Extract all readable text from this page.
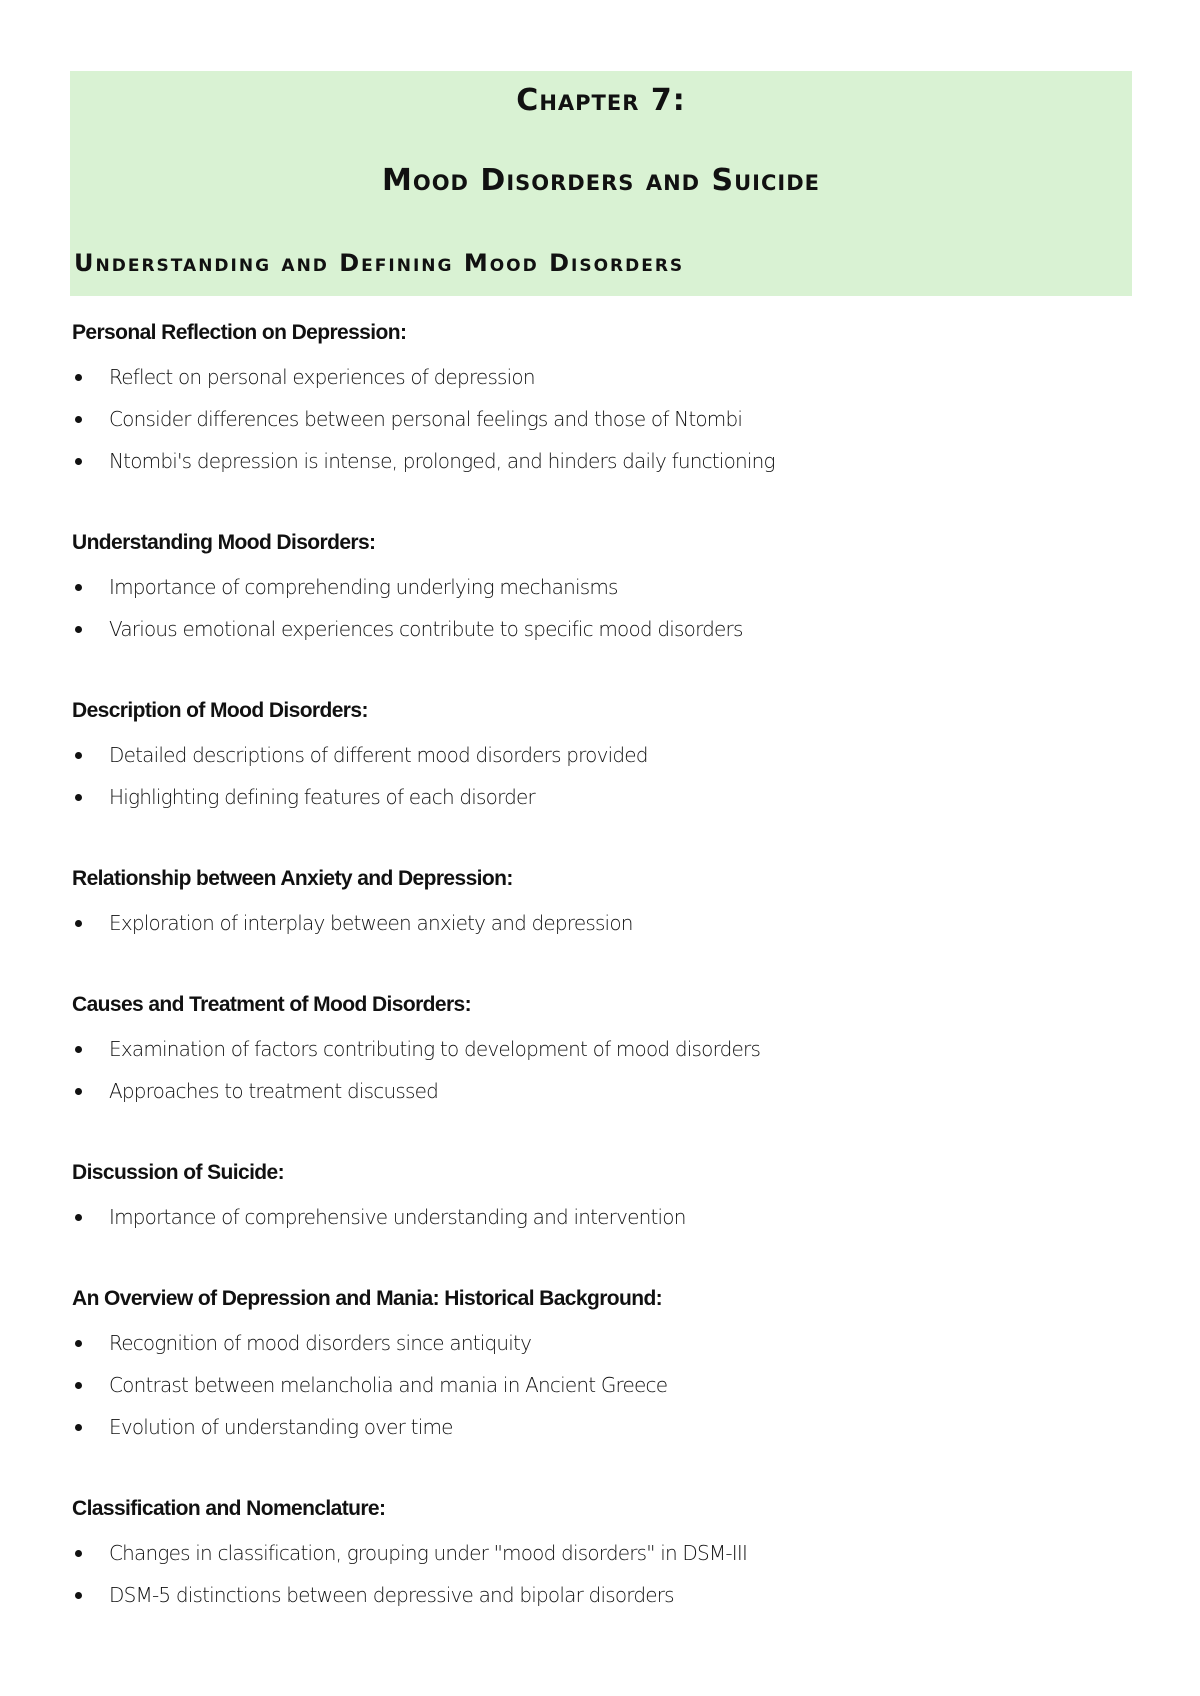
Chapter 7:
Mood Disorders and Suicide
Understanding and Defining Mood Disorders
Personal Reflection on Depression:
Reflect on personal experiences of depression
Consider differences between personal feelings and those of Ntombi
Ntombi's depression is intense, prolonged, and hinders daily functioning
Understanding Mood Disorders:
Importance of comprehending underlying mechanisms
Various emotional experiences contribute to specific mood disorders
Description of Mood Disorders:
Detailed descriptions of different mood disorders provided
Highlighting defining features of each disorder
Relationship between Anxiety and Depression:
Exploration of interplay between anxiety and depression
Causes and Treatment of Mood Disorders:
Examination of factors contributing to development of mood disorders
Approaches to treatment discussed
Discussion of Suicide:
Importance of comprehensive understanding and intervention
An Overview of Depression and Mania: Historical Background:
Recognition of mood disorders since antiquity
Contrast between melancholia and mania in Ancient Greece
Evolution of understanding over time
Classification and Nomenclature:
Changes in classification, grouping under "mood disorders" in DSM-III
DSM-5 distinctions between depressive and bipolar disorders
